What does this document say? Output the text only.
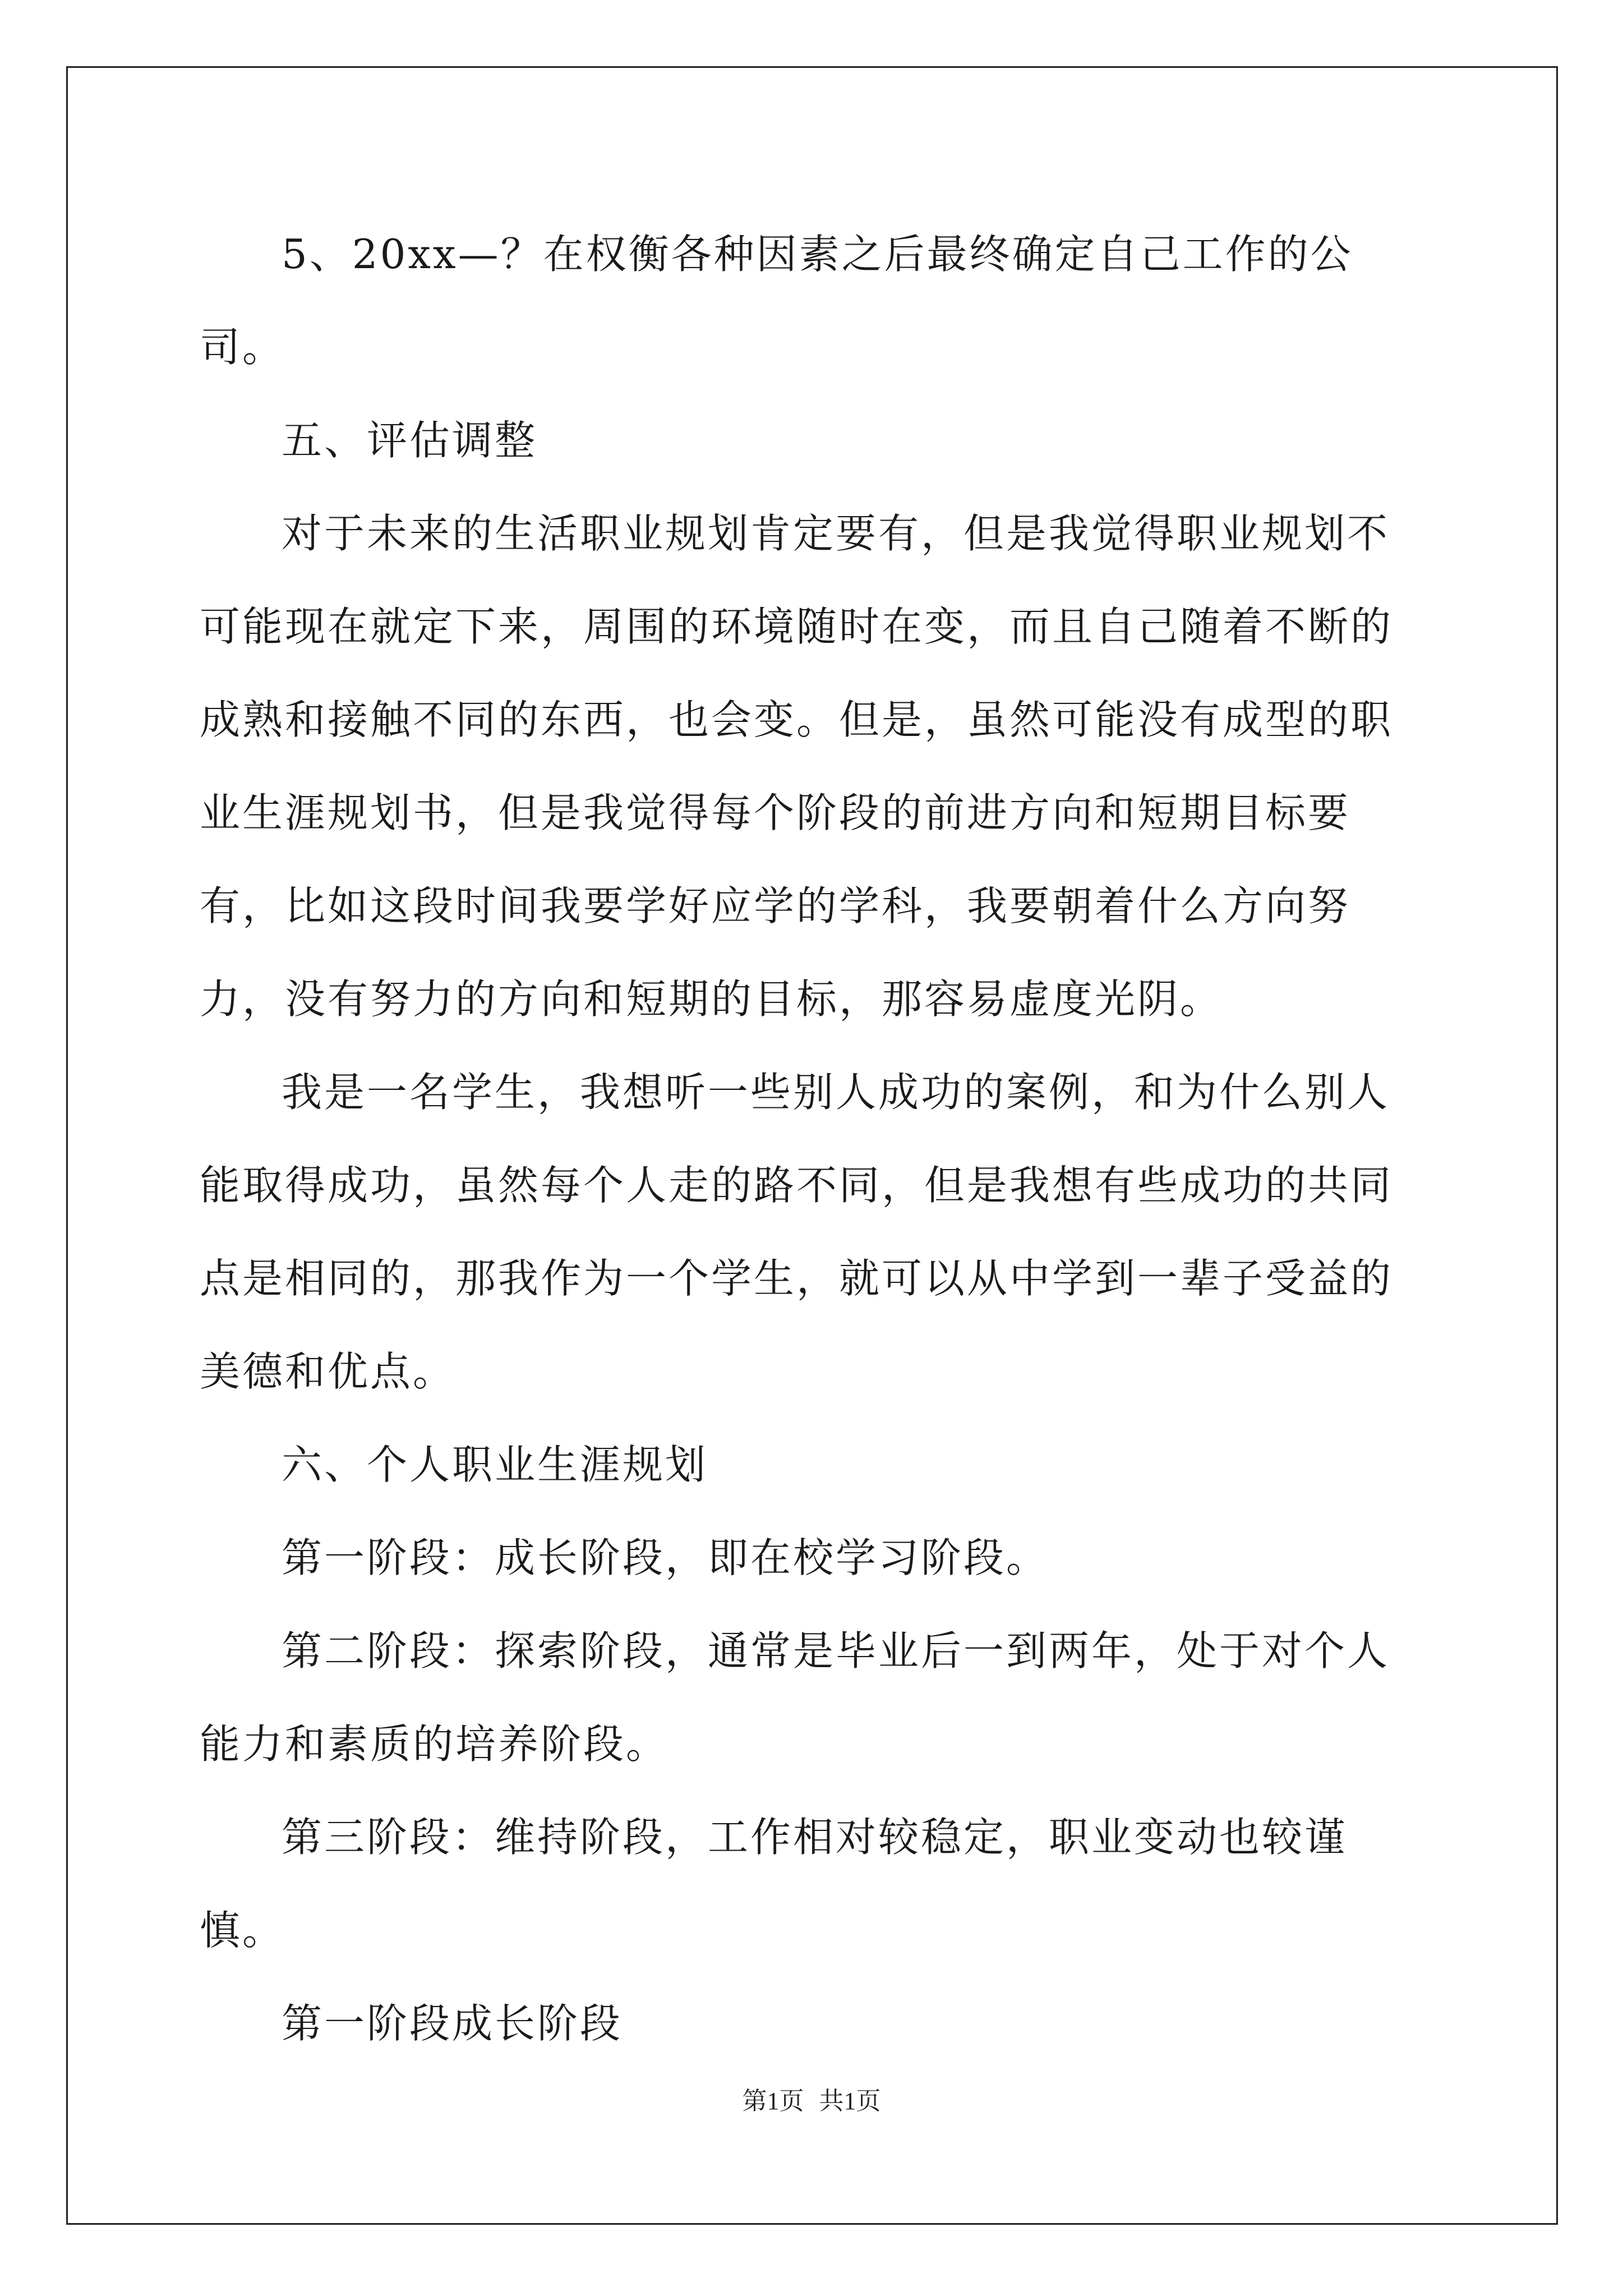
5、20xx—？在权衡各种因素之后最终确定自己工作的公司。

五、评估调整

对于未来的生活职业规划肯定要有，但是我觉得职业规划不可能现在就定下来，周围的环境随时在变，而且自己随着不断的成熟和接触不同的东西，也会变。但是，虽然可能没有成型的职业生涯规划书，但是我觉得每个阶段的前进方向和短期目标要有，比如这段时间我要学好应学的学科，我要朝着什么方向努力，没有努力的方向和短期的目标，那容易虚度光阴。

我是一名学生，我想听一些别人成功的案例，和为什么别人能取得成功，虽然每个人走的路不同，但是我想有些成功的共同点是相同的，那我作为一个学生，就可以从中学到一辈子受益的美德和优点。

六、个人职业生涯规划

第一阶段：成长阶段，即在校学习阶段。

第二阶段：探索阶段，通常是毕业后一到两年，处于对个人能力和素质的培养阶段。

第三阶段：维持阶段，工作相对较稳定，职业变动也较谨慎。

第一阶段成长阶段

第1页 共1页
